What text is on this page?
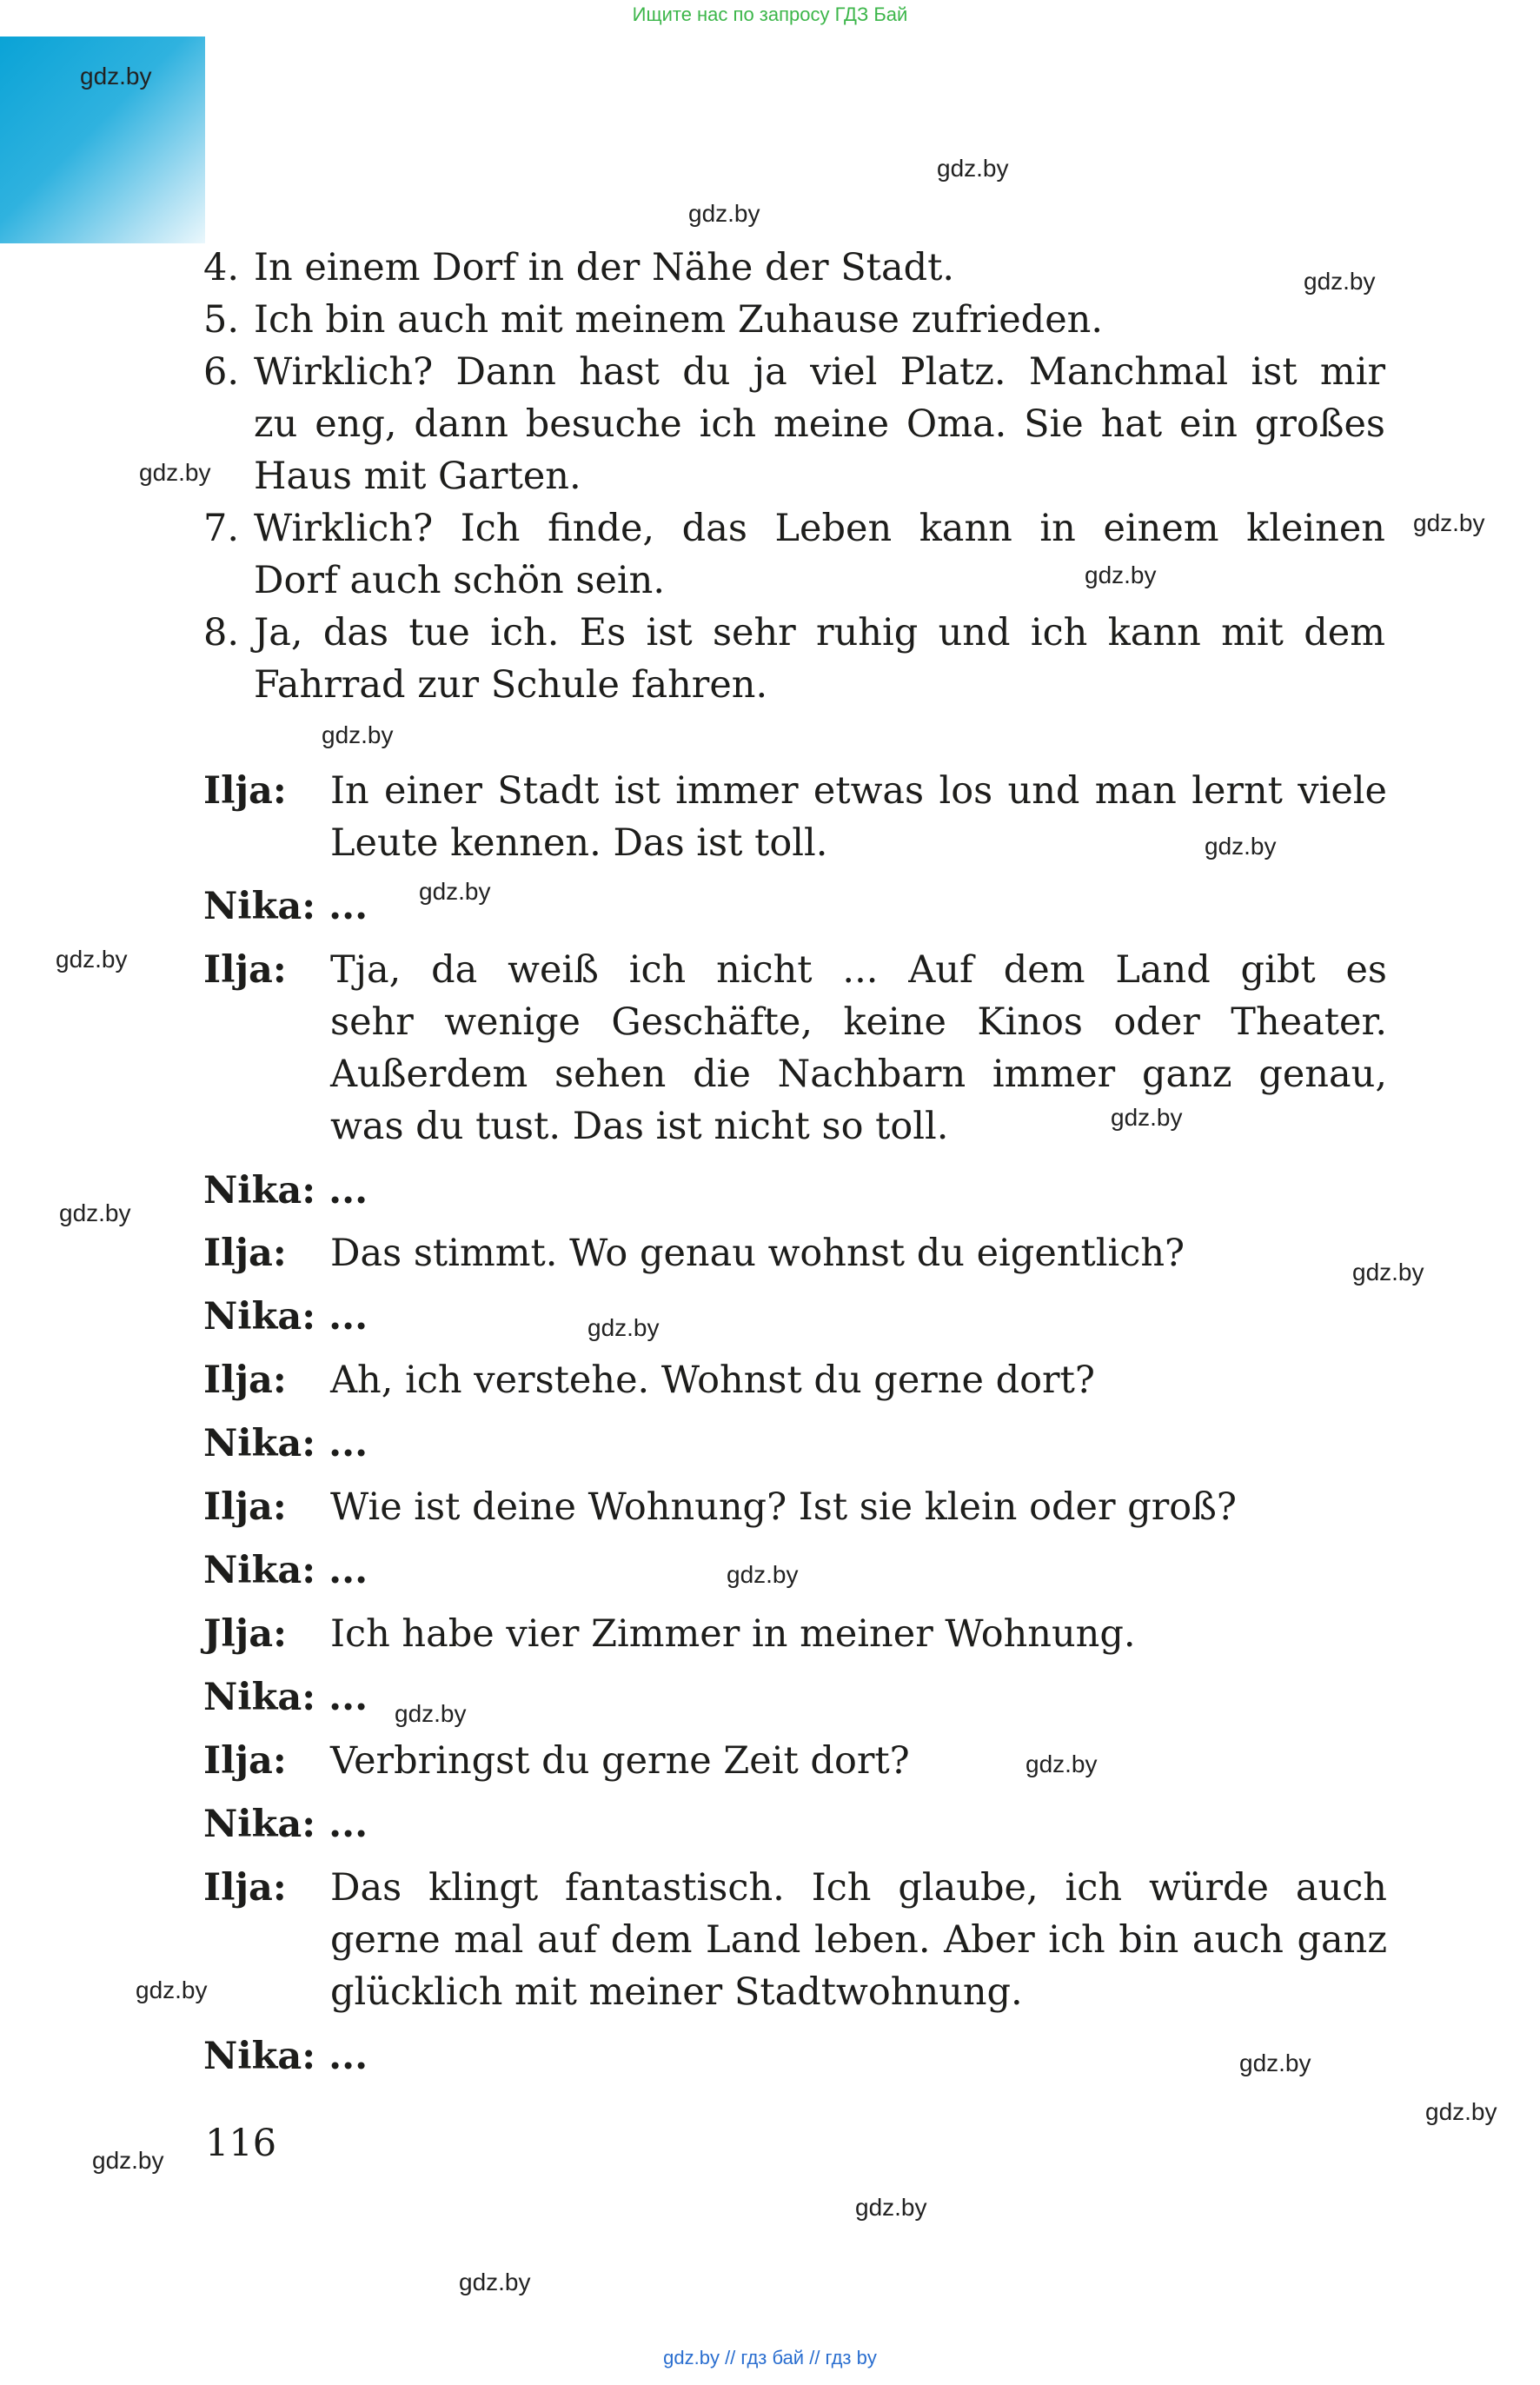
Ищите нас по запросу ГДЗ Бай
gdz.by
gdz.by
gdz.by
gdz.by
gdz.by
gdz.by
gdz.by
gdz.by
gdz.by
gdz.by
gdz.by
gdz.by
gdz.by
gdz.by
gdz.by
gdz.by
gdz.by
gdz.by
gdz.by
gdz.by
gdz.by
gdz.by
gdz.by
gdz.by
4. In einem Dorf in der Nähe der Stadt.
5. Ich bin auch mit meinem Zuhause zufrieden.
6. Wirklich? Dann hast du ja viel Platz. Manchmal ist mir
zu eng, dann besuche ich meine Oma. Sie hat ein großes
Haus mit Garten.
7. Wirklich? Ich finde, das Leben kann in einem kleinen
Dorf auch schön sein.
8. Ja, das tue ich. Es ist sehr ruhig und ich kann mit dem
Fahrrad zur Schule fahren.
Ilja: In einer Stadt ist immer etwas los und man lernt viele
Leute kennen. Das ist toll.
Nika: ...
Ilja: Tja, da weiß ich nicht ... Auf dem Land gibt es
sehr wenige Geschäfte, keine Kinos oder Theater.
Außerdem sehen die Nachbarn immer ganz genau,
was du tust. Das ist nicht so toll.
Nika: ...
Ilja: Das stimmt. Wo genau wohnst du eigentlich?
Nika: ...
Ilja: Ah, ich verstehe. Wohnst du gerne dort?
Nika: ...
Ilja: Wie ist deine Wohnung? Ist sie klein oder groß?
Nika: ...
Jlja: Ich habe vier Zimmer in meiner Wohnung.
Nika: ...
Ilja: Verbringst du gerne Zeit dort?
Nika: ...
Ilja: Das klingt fantastisch. Ich glaube, ich würde auch
gerne mal auf dem Land leben. Aber ich bin auch ganz
glücklich mit meiner Stadtwohnung.
Nika: ...
116
gdz.by // гдз бай // гдз by
